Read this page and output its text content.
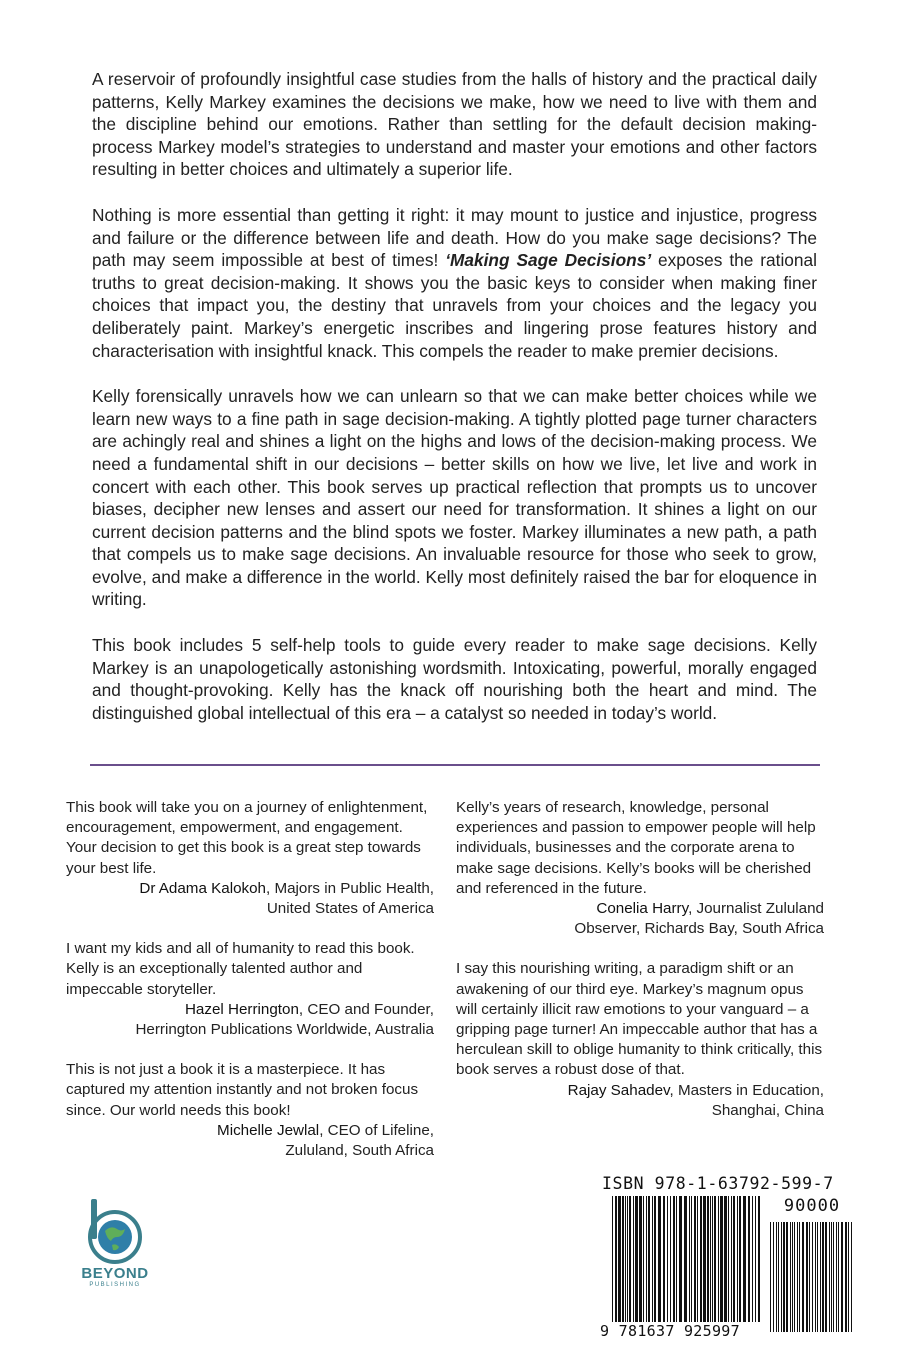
A reservoir of profoundly insightful case studies from the halls of history and the practical daily patterns, Kelly Markey examines the decisions we make, how we need to live with them and the discipline behind our emotions. Rather than settling for the default decision making-process Markey model’s strategies to understand and master your emotions and other factors resulting in better choices and ultimately a superior life.

Nothing is more essential than getting it right: it may mount to justice and injustice, progress and failure or the difference between life and death. How do you make sage decisions? The path may seem impossible at best of times! ‘Making Sage Decisions’ exposes the rational truths to great decision-making. It shows you the basic keys to consider when making finer choices that impact you, the destiny that unravels from your choices and the legacy you deliberately paint. Markey’s energetic inscribes and lingering prose features history and characterisation with insightful knack. This compels the reader to make premier decisions.

Kelly forensically unravels how we can unlearn so that we can make better choices while we learn new ways to a fine path in sage decision-making. A tightly plotted page turner characters are achingly real and shines a light on the highs and lows of the decision-making process. We need a fundamental shift in our decisions – better skills on how we live, let live and work in concert with each other. This book serves up practical reflection that prompts us to uncover biases, decipher new lenses and assert our need for transformation. It shines a light on our current decision patterns and the blind spots we foster. Markey illuminates a new path, a path that compels us to make sage decisions. An invaluable resource for those who seek to grow, evolve, and make a difference in the world. Kelly most definitely raised the bar for eloquence in writing.

This book includes 5 self-help tools to guide every reader to make sage decisions. Kelly Markey is an unapologetically astonishing wordsmith. Intoxicating, powerful, morally engaged and thought-provoking. Kelly has the knack off nourishing both the heart and mind. The distinguished global intellectual of this era – a catalyst so needed in today’s world.

This book will take you on a journey of enlightenment, encouragement, empowerment, and engagement. Your decision to get this book is a great step towards your best life.

Dr Adama Kalokoh, Majors in Public Health,

United States of America

I want my kids and all of humanity to read this book. Kelly is an exceptionally talented author and impeccable storyteller.

Hazel Herrington, CEO and Founder,

Herrington Publications Worldwide, Australia

This is not just a book it is a masterpiece. It has captured my attention instantly and not broken focus since. Our world needs this book!

Michelle Jewlal, CEO of Lifeline,

Zululand, South Africa

Kelly’s years of research, knowledge, personal experiences and passion to empower people will help individuals, businesses and the corporate arena to make sage decisions. Kelly’s books will be cherished and referenced in the future.

Conelia Harry, Journalist Zululand

Observer, Richards Bay, South Africa

I say this nourishing writing, a paradigm shift or an awakening of our third eye. Markey’s magnum opus will certainly illicit raw emotions to your vanguard – a gripping page turner! An impeccable author that has a herculean skill to oblige humanity to think critically, this book serves a robust dose of that.

Rajay Sahadev, Masters in Education,

Shanghai, China

BEYOND
PUBLISHING
ISBN 978-1-63792-599-7
90000
9 781637 925997
